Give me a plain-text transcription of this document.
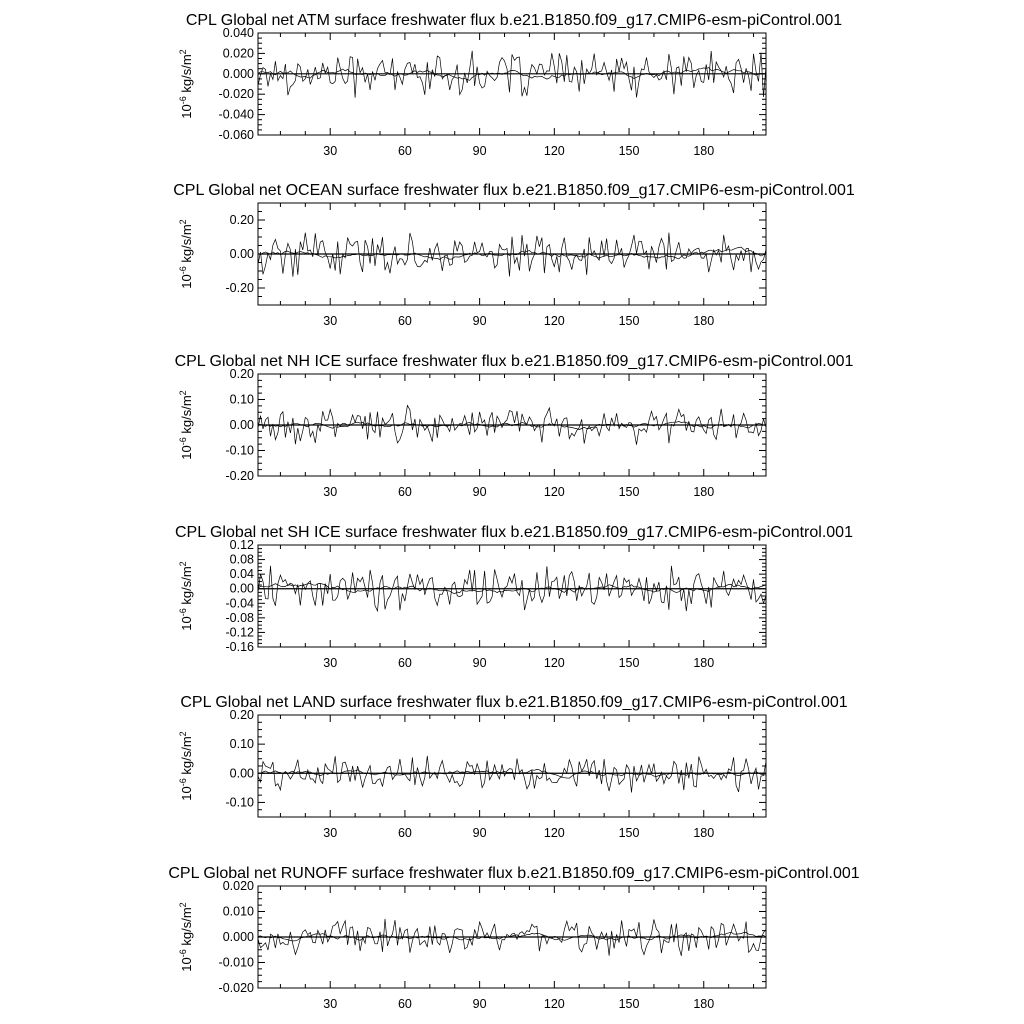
CPL Global net ATM surface freshwater flux b.e21.B1850.f09_g17.CMIP6-esm-piControl.001
30	60	90	120	150	180
-0.060
-0.040
-0.020
0.000
0.020
0.040
$10^{-6}$ $kg/s/m^2$
CPL Global net OCEAN surface freshwater flux b.e21.B1850.f09_g17.CMIP6-esm-piControl.001
30	60	90	120	150	180
-0.20
0.00
0.20
$10^{-6}$ $kg/s/m^2$
CPL Global net NH ICE surface freshwater flux b.e21.B1850.f09_g17.CMIP6-esm-piControl.001
30	60	90	120	150	180
-0.20
-0.10
0.00
0.10
0.20
$10^{-6}$ $kg/s/m^2$
CPL Global net SH ICE surface freshwater flux b.e21.B1850.f09_g17.CMIP6-esm-piControl.001
30	60	90	120	150	180
-0.16
-0.12
-0.08
-0.04
0.00
0.04
0.08
0.12
$10^{-6}$ $kg/s/m^2$
CPL Global net LAND surface freshwater flux b.e21.B1850.f09_g17.CMIP6-esm-piControl.001
30	60	90	120	150	180
-0.10
0.00
0.10
0.20
$10^{-6}$ $kg/s/m^2$
CPL Global net RUNOFF surface freshwater flux b.e21.B1850.f09_g17.CMIP6-esm-piControl.001
30	60	90	120	150	180
-0.020
-0.010
0.000
0.010
0.020
$10^{-6}$ $kg/s/m^2$
